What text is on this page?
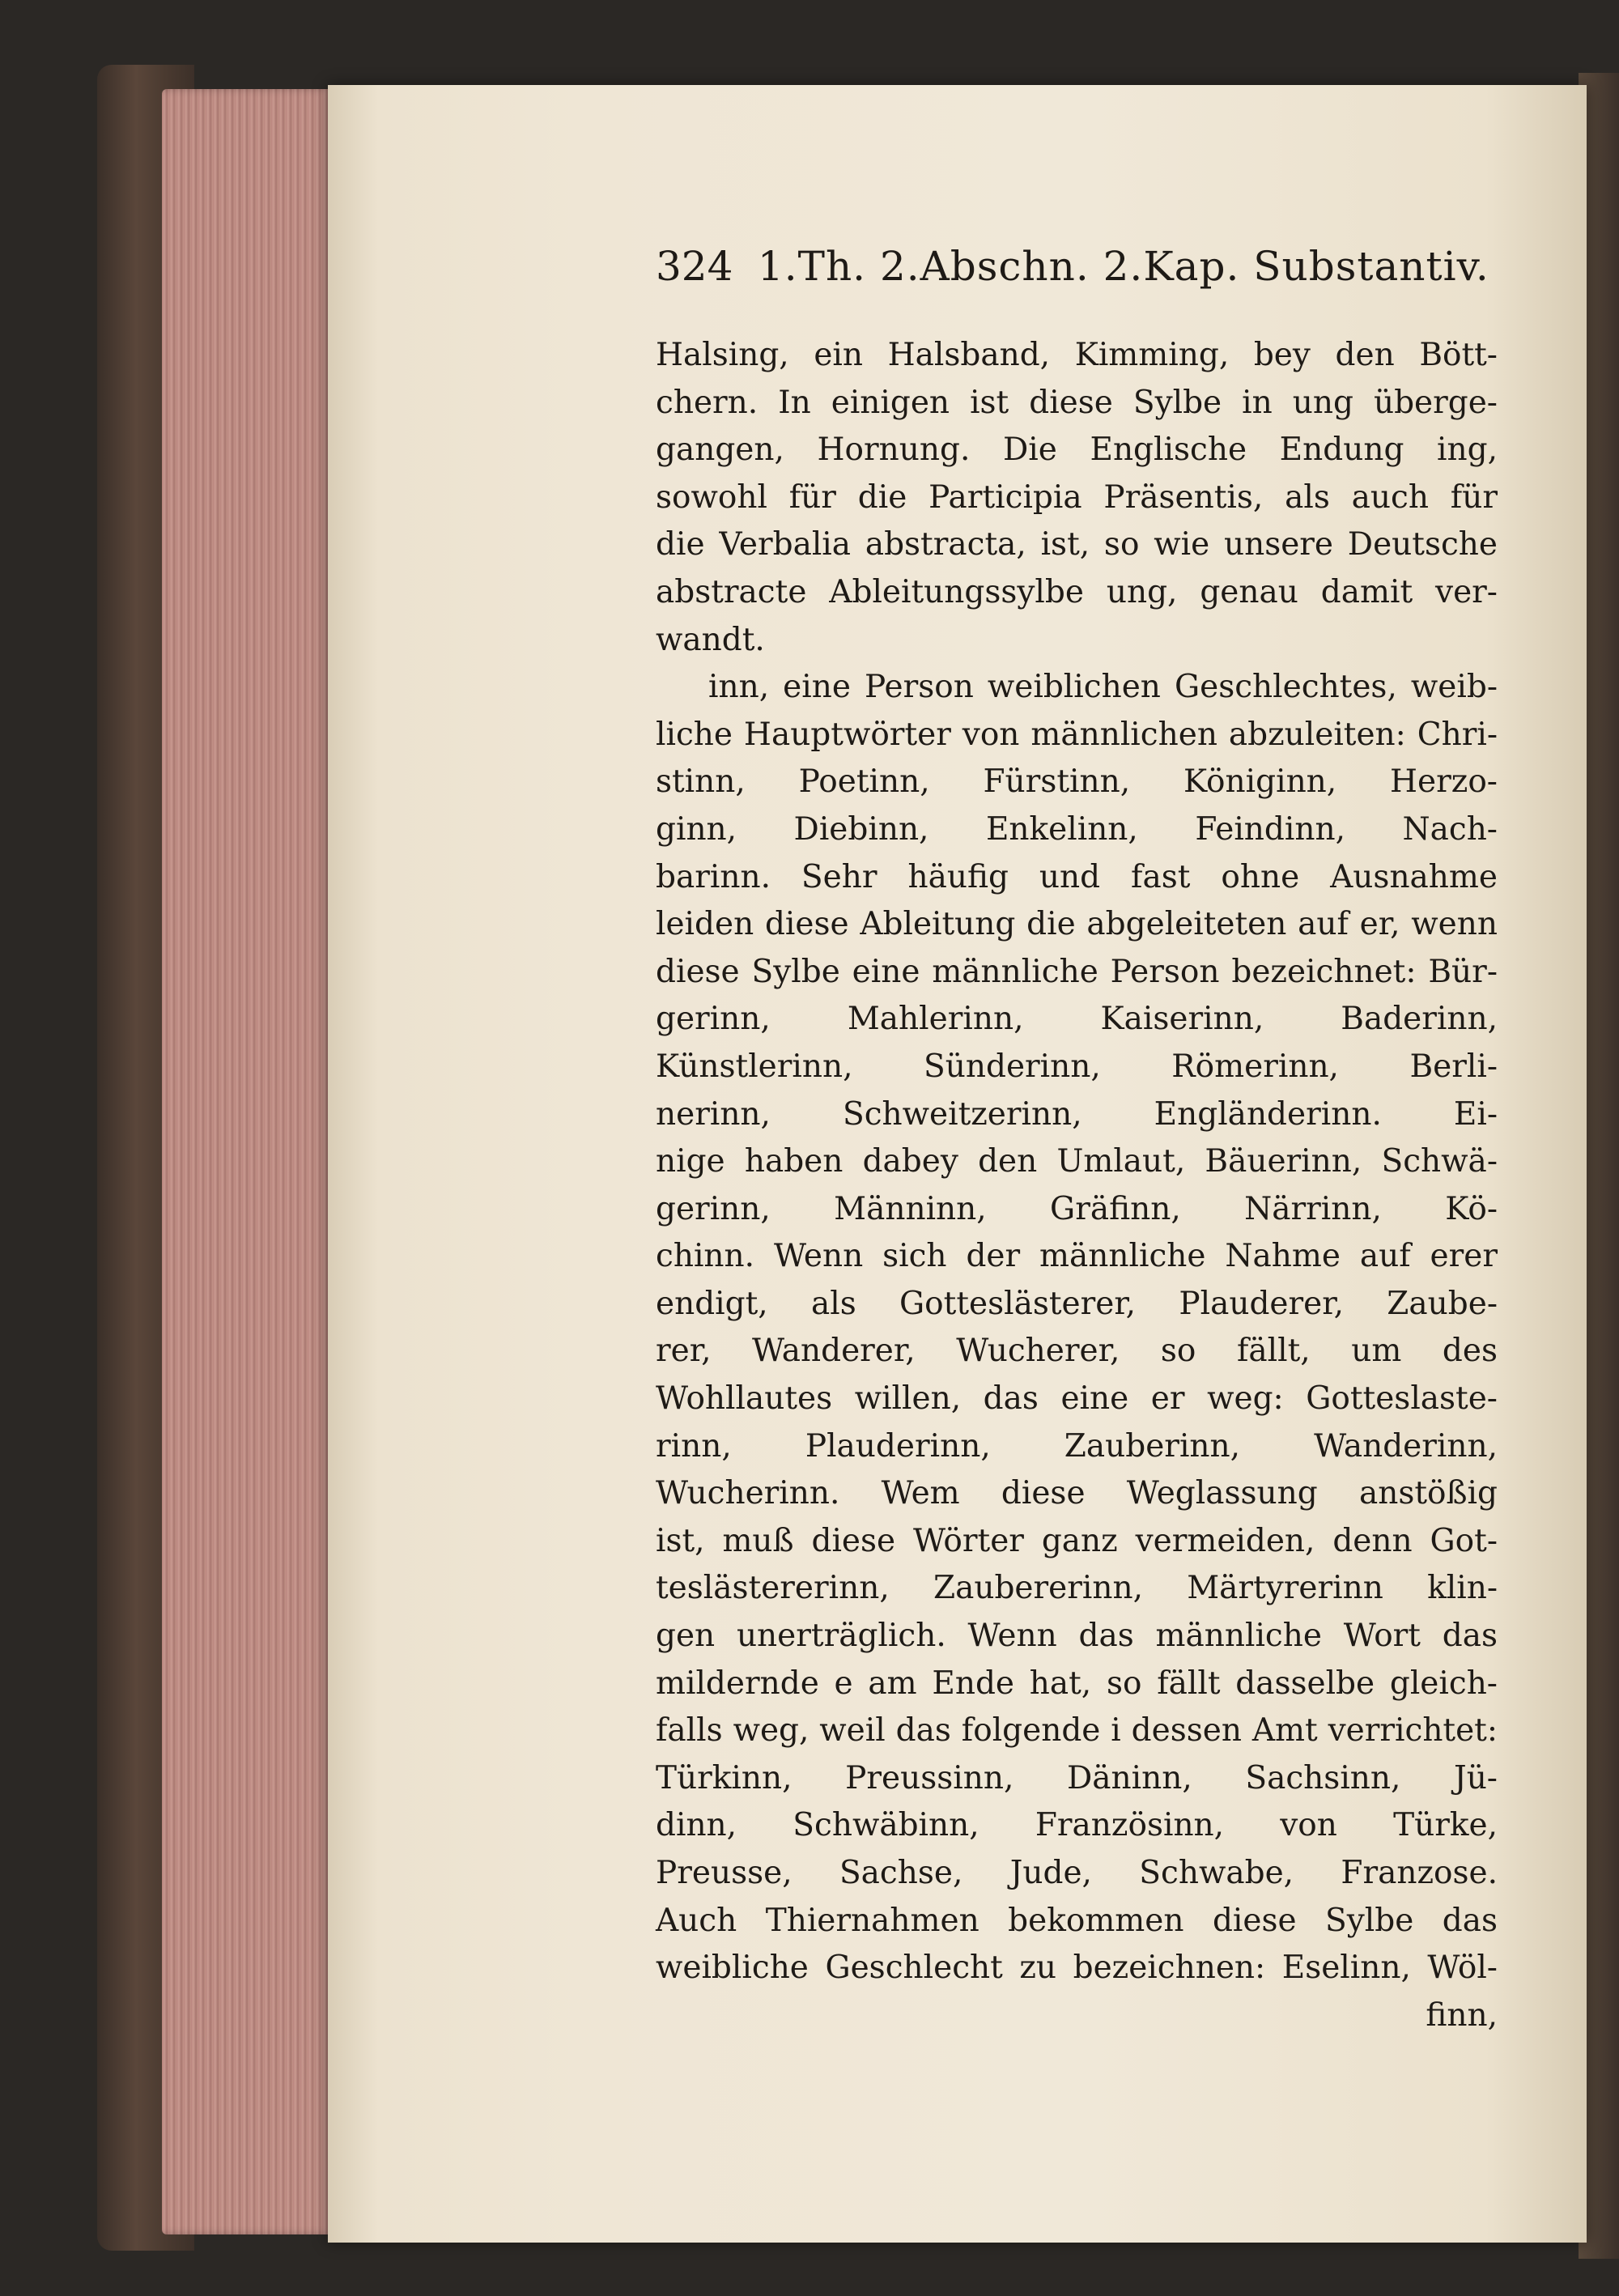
324 1.Th. 2.Abschn. 2.Kap. Substantiv.
Halsing, ein Halsband, Kimming, bey den Bött-
chern. In einigen ist diese Sylbe in ung überge-
gangen, Hornung. Die Englische Endung ing,
sowohl für die Participia Präsentis, als auch für
die Verbalia abstracta, ist, so wie unsere Deutsche
abstracte Ableitungssylbe ung, genau damit ver-
wandt.
inn, eine Person weiblichen Geschlechtes, weib-
liche Hauptwörter von männlichen abzuleiten: Chri-
stinn, Poetinn, Fürstinn, Königinn, Herzo-
ginn, Diebinn, Enkelinn, Feindinn, Nach-
barinn. Sehr häufig und fast ohne Ausnahme
leiden diese Ableitung die abgeleiteten auf er, wenn
diese Sylbe eine männliche Person bezeichnet: Bür-
gerinn, Mahlerinn, Kaiserinn, Baderinn,
Künstlerinn, Sünderinn, Römerinn, Berli-
nerinn, Schweitzerinn, Engländerinn. Ei-
nige haben dabey den Umlaut, Bäuerinn, Schwä-
gerinn, Männinn, Gräfinn, Närrinn, Kö-
chinn. Wenn sich der männliche Nahme auf erer
endigt, als Gotteslästerer, Plauderer, Zaube-
rer, Wanderer, Wucherer, so fällt, um des
Wohllautes willen, das eine er weg: Gotteslaste-
rinn, Plauderinn, Zauberinn, Wanderinn,
Wucherinn. Wem diese Weglassung anstößig
ist, muß diese Wörter ganz vermeiden, denn Got-
teslästererinn, Zaubererinn, Märtyrerinn klin-
gen unerträglich. Wenn das männliche Wort das
mildernde e am Ende hat, so fällt dasselbe gleich-
falls weg, weil das folgende i dessen Amt verrichtet:
Türkinn, Preussinn, Däninn, Sachsinn, Jü-
dinn, Schwäbinn, Französinn, von Türke,
Preusse, Sachse, Jude, Schwabe, Franzose.
Auch Thiernahmen bekommen diese Sylbe das
weibliche Geschlecht zu bezeichnen: Eselinn, Wöl-
finn,
